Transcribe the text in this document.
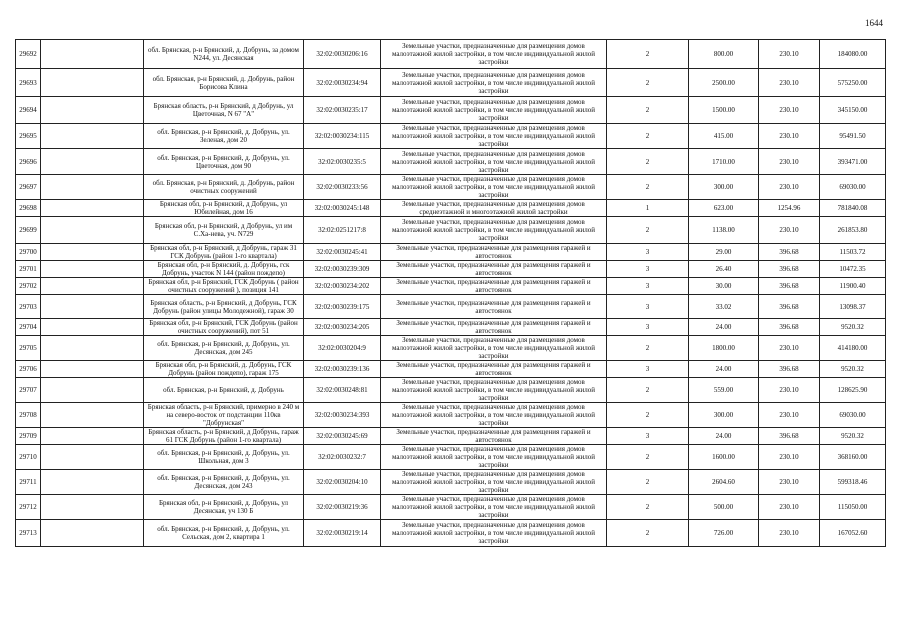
1644
29692		обл. Брянская, р-н Брянский, д. Добрунь, за домом N244, ул. Десянская	32:02:0030206:16	Земельные участки, предназначенные для размещения домов малоэтажной жилой застройки, в том числе индивидуальной жилой застройки	2	800.00	230.10	184080.00
29693		обл. Брянская, р-н Брянский, д. Добрунь, район Борисова Клина	32:02:0030234:94	Земельные участки, предназначенные для размещения домов малоэтажной жилой застройки, в том числе индивидуальной жилой застройки	2	2500.00	230.10	575250.00
29694		Брянская область, р-н Брянский, д Добрунь, ул Цветочная, N 67 "А"	32:02:0030235:17	Земельные участки, предназначенные для размещения домов малоэтажной жилой застройки, в том числе индивидуальной жилой застройки	2	1500.00	230.10	345150.00
29695		обл. Брянская, р-н Брянский, д. Добрунь, ул. Зеленая, дом 20	32:02:0030234:115	Земельные участки, предназначенные для размещения домов малоэтажной жилой застройки, в том числе индивидуальной жилой застройки	2	415.00	230.10	95491.50
29696		обл. Брянская, р-н Брянский, д. Добрунь, ул. Цветочная, дом 90	32:02:0030235:5	Земельные участки, предназначенные для размещения домов малоэтажной жилой застройки, в том числе индивидуальной жилой застройки	2	1710.00	230.10	393471.00
29697		обл. Брянская, р-н Брянский, д. Добрунь, район очистных сооружений	32:02:0030233:56	Земельные участки, предназначенные для размещения домов малоэтажной жилой застройки, в том числе индивидуальной жилой застройки	2	300.00	230.10	69030.00
29698		Брянская обл, р-н Брянский, д Добрунь, ул Юбилейная, дом 16	32:02:0030245:148	Земельные участки, предназначенные для размещения домов среднеэтажной и многоэтажной жилой застройки	1	623.00	1254.96	781840.08
29699		Брянская обл, р-н Брянский, д Добрунь, ул им С.Ха-нева, уч. N729	32:02:0251217:8	Земельные участки, предназначенные для размещения домов малоэтажной жилой застройки, в том числе индивидуальной жилой застройки	2	1138.00	230.10	261853.80
29700		Брянская обл, р-н Брянский, д Добрунь, гараж 31 ГСК Добрунь (район 1-го квартала)	32:02:0030245:41	Земельные участки, предназначенные для размещения гаражей и автостоянок	3	29.00	396.68	11503.72
29701		Брянская обл, р-н Брянский, д. Добрунь, гск Добрунь, участок N 144 (район пождепо)	32:02:0030239:309	Земельные участки, предназначенные для размещения гаражей и автостоянок	3	26.40	396.68	10472.35
29702		Брянская обл, р-н Брянский, ГСК Добрунь ( район очистных сооружений ), позиция 141	32:02:0030234:202	Земельные участки, предназначенные для размещения гаражей и автостоянок	3	30.00	396.68	11900.40
29703		Брянская область, р-н Брянский, д Добрунь, ГСК Добрунь (район улицы Молодежной), гараж 30	32:02:0030239:175	Земельные участки, предназначенные для размещения гаражей и автостоянок	3	33.02	396.68	13098.37
29704		Брянская обл, р-н Брянский, ГСК Добрунь (район очистных сооружений), пот 51	32:02:0030234:205	Земельные участки, предназначенные для размещения гаражей и автостоянок	3	24.00	396.68	9520.32
29705		обл. Брянская, р-н Брянский, д. Добрунь, ул. Десянская, дом 245	32:02:0030204:9	Земельные участки, предназначенные для размещения домов малоэтажной жилой застройки, в том числе индивидуальной жилой застройки	2	1800.00	230.10	414180.00
29706		Брянская обл, р-н Брянский, д. Добрунь, ГСК Добрунь (район пождепо), гараж 175	32:02:0030239:136	Земельные участки, предназначенные для размещения гаражей и автостоянок	3	24.00	396.68	9520.32
29707		обл. Брянская, р-н Брянский, д. Добрунь	32:02:0030248:81	Земельные участки, предназначенные для размещения домов малоэтажной жилой застройки, в том числе индивидуальной жилой застройки	2	559.00	230.10	128625.90
29708		Брянская область, р-н Брянский, примерно в 240 м на северо-восток от подстанции 110кв "Добрунская"	32:02:0030234:393	Земельные участки, предназначенные для размещения домов малоэтажной жилой застройки, в том числе индивидуальной жилой застройки	2	300.00	230.10	69030.00
29709		Брянская область, р-н Брянский, д Добрунь, гараж 61 ГСК Добрунь (район 1-го квартала)	32:02:0030245:69	Земельные участки, предназначенные для размещения гаражей и автостоянок	3	24.00	396.68	9520.32
29710		обл. Брянская, р-н Брянский, д. Добрунь, ул. Школьная, дом 3	32:02:0030232:7	Земельные участки, предназначенные для размещения домов малоэтажной жилой застройки, в том числе индивидуальной жилой застройки	2	1600.00	230.10	368160.00
29711		обл. Брянская, р-н Брянский, д. Добрунь, ул. Десянская, дом 243	32:02:0030204:10	Земельные участки, предназначенные для размещения домов малоэтажной жилой застройки, в том числе индивидуальной жилой застройки	2	2604.60	230.10	599318.46
29712		Брянская обл, р-н Брянский, д. Добрунь, ул Десянская, уч 130 Б	32:02:0030219:36	Земельные участки, предназначенные для размещения домов малоэтажной жилой застройки, в том числе индивидуальной жилой застройки	2	500.00	230.10	115050.00
29713		обл. Брянская, р-н Брянский, д. Добрунь, ул. Сельская, дом 2, квартира 1	32:02:0030219:14	Земельные участки, предназначенные для размещения домов малоэтажной жилой застройки, в том числе индивидуальной жилой застройки	2	726.00	230.10	167052.60
